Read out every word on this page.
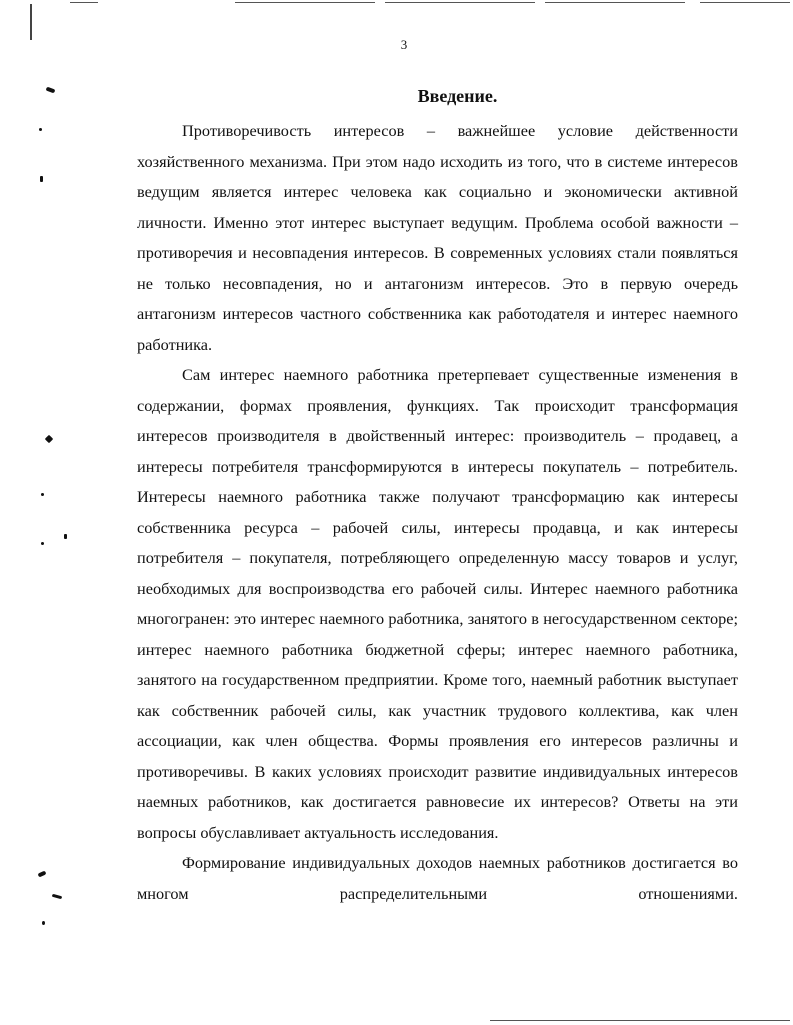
3
Введение.

Противоречивость интересов – важнейшее условие действенности хозяйственного механизма. При этом надо исходить из того, что в системе интересов ведущим является интерес человека как социально и экономически активной личности. Именно этот интерес выступает ведущим. Проблема особой важности – противоречия и несовпадения интересов. В современных условиях стали появляться не только несовпадения, но и антагонизм интересов. Это в первую очередь антагонизм интересов частного собственника как работодателя и интерес наемного работника.

Сам интерес наемного работника претерпевает существенные изменения в содержании, формах проявления, функциях. Так происходит трансформация интересов производителя в двойственный интерес: производитель – продавец, а интересы потребителя трансформируются в интересы покупатель – потребитель. Интересы наемного работника также получают трансформацию как интересы собственника ресурса – рабочей силы, интересы продавца, и как интересы потребителя – покупателя, потребляющего определенную массу товаров и услуг, необходимых для воспроизводства его рабочей силы. Интерес наемного работника многогранен: это интерес наемного работника, занятого в негосударственном секторе; интерес наемного работника бюджетной сферы; интерес наемного работника, занятого на государственном предприятии. Кроме того, наемный работник выступает как собственник рабочей силы, как участник трудового коллектива, как член ассоциации, как член общества. Формы проявления его интересов различны и противоречивы. В каких условиях происходит развитие индивидуальных интересов наемных работников, как достигается равновесие их интересов? Ответы на эти вопросы обуславливает актуальность исследования.

Формирование индивидуальных доходов наемных работников достигается во многом распределительными отношениями.
